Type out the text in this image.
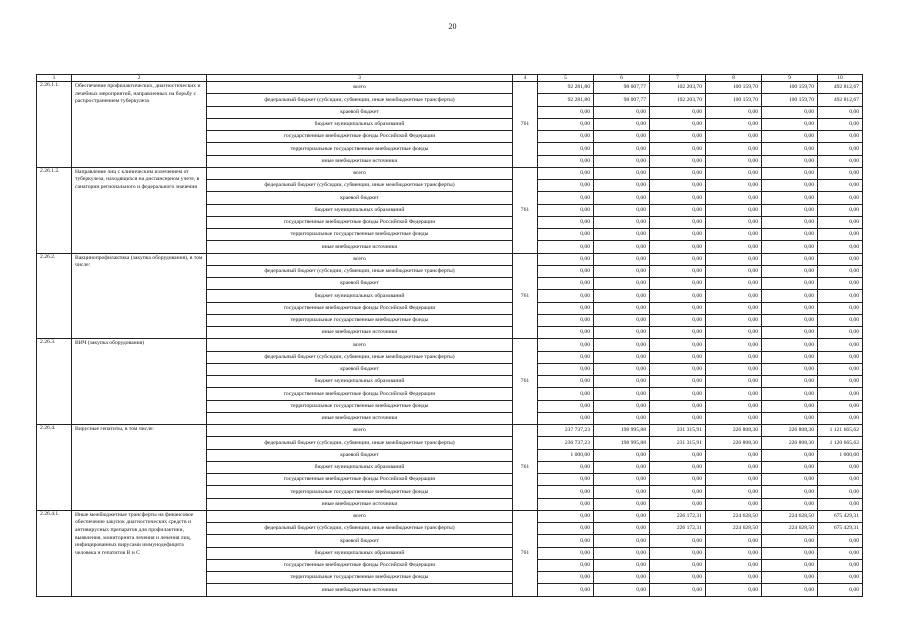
20
1	2	3	4	5	6	7	8	9	10
2.26.1.1.	Обеспечение профилактических, диагностических и лечебных мероприятий, направленных на борьбу с распространением туберкулеза	всего	761	92 281,80	98 007,77	102 203,70	100 159,70	100 159,70	492 812,67
		федеральный бюджет (субсидии, субвенции, иные межбюджетные трансферты)		92 281,80	98 007,77	102 203,70	100 159,70	100 159,70	492 812,67
		краевой бюджет		0,00	0,00	0,00	0,00	0,00	0,00
		бюджет муниципальных образований		0,00	0,00	0,00	0,00	0,00	0,00
		государственные внебюджетные фонды Российской Федерации		0,00	0,00	0,00	0,00	0,00	0,00
		территориальные государственные внебюджетные фонды		0,00	0,00	0,00	0,00	0,00	0,00
		иные внебюджетные источники		0,00	0,00	0,00	0,00	0,00	0,00
2.26.1.2.	Направление лиц с клиническим излечением от туберкулеза, находящихся на диспансерном учете, в санатории регионального и федерального значения	всего	761	0,00	0,00	0,00	0,00	0,00	0,00
		федеральный бюджет (субсидии, субвенции, иные межбюджетные трансферты)		0,00	0,00	0,00	0,00	0,00	0,00
		краевой бюджет		0,00	0,00	0,00	0,00	0,00	0,00
		бюджет муниципальных образований		0,00	0,00	0,00	0,00	0,00	0,00
		государственные внебюджетные фонды Российской Федерации		0,00	0,00	0,00	0,00	0,00	0,00
		территориальные государственные внебюджетные фонды		0,00	0,00	0,00	0,00	0,00	0,00
		иные внебюджетные источники		0,00	0,00	0,00	0,00	0,00	0,00
2.26.2.	Вакцинопрофилактика (закупка оборудования), в том числе:	всего	761	0,00	0,00	0,00	0,00	0,00	0,00
		федеральный бюджет (субсидии, субвенции, иные межбюджетные трансферты)		0,00	0,00	0,00	0,00	0,00	0,00
		краевой бюджет		0,00	0,00	0,00	0,00	0,00	0,00
		бюджет муниципальных образований		0,00	0,00	0,00	0,00	0,00	0,00
		государственные внебюджетные фонды Российской Федерации		0,00	0,00	0,00	0,00	0,00	0,00
		территориальные государственные внебюджетные фонды		0,00	0,00	0,00	0,00	0,00	0,00
		иные внебюджетные источники		0,00	0,00	0,00	0,00	0,00	0,00
2.26.3.	ВИЧ (закупка оборудования)	всего	761	0,00	0,00	0,00	0,00	0,00	0,00
		федеральный бюджет (субсидии, субвенции, иные межбюджетные трансферты)		0,00	0,00	0,00	0,00	0,00	0,00
		краевой бюджет		0,00	0,00	0,00	0,00	0,00	0,00
		бюджет муниципальных образований		0,00	0,00	0,00	0,00	0,00	0,00
		государственные внебюджетные фонды Российской Федерации		0,00	0,00	0,00	0,00	0,00	0,00
		территориальные государственные внебюджетные фонды		0,00	0,00	0,00	0,00	0,00	0,00
		иные внебюджетные источники		0,00	0,00	0,00	0,00	0,00	0,00
2.26.4.	Вирусные гепатиты, в том числе:	всего	761	237 737,23	198 995,88	231 315,91	226 808,30	226 808,30	1 121 665,62
		федеральный бюджет (субсидии, субвенции, иные межбюджетные трансферты)		236 737,23	198 995,88	231 315,91	226 808,30	226 808,30	1 120 665,62
		краевой бюджет		1 000,00	0,00	0,00	0,00	0,00	1 000,00
		бюджет муниципальных образований		0,00	0,00	0,00	0,00	0,00	0,00
		государственные внебюджетные фонды Российской Федерации		0,00	0,00	0,00	0,00	0,00	0,00
		территориальные государственные внебюджетные фонды		0,00	0,00	0,00	0,00	0,00	0,00
		иные внебюджетные источники		0,00	0,00	0,00	0,00	0,00	0,00
2.26.4.1.	Иные межбюджетные трансферты на финансовое обеспечение закупок диагностических средств и антивирусных препаратов для профилактики, выявления, мониторинга лечения и лечения лиц, инфицированных вирусами иммунодефицита человека и гепатитов B и C	всего	761	0,00	0,00	226 172,31	224 628,50	224 628,50	675 429,31
		федеральный бюджет (субсидии, субвенции, иные межбюджетные трансферты)		0,00	0,00	226 172,31	224 628,50	224 628,50	675 429,31
		краевой бюджет		0,00	0,00	0,00	0,00	0,00	0,00
		бюджет муниципальных образований		0,00	0,00	0,00	0,00	0,00	0,00
		государственные внебюджетные фонды Российской Федерации		0,00	0,00	0,00	0,00	0,00	0,00
		территориальные государственные внебюджетные фонды		0,00	0,00	0,00	0,00	0,00	0,00
		иные внебюджетные источники		0,00	0,00	0,00	0,00	0,00	0,00
